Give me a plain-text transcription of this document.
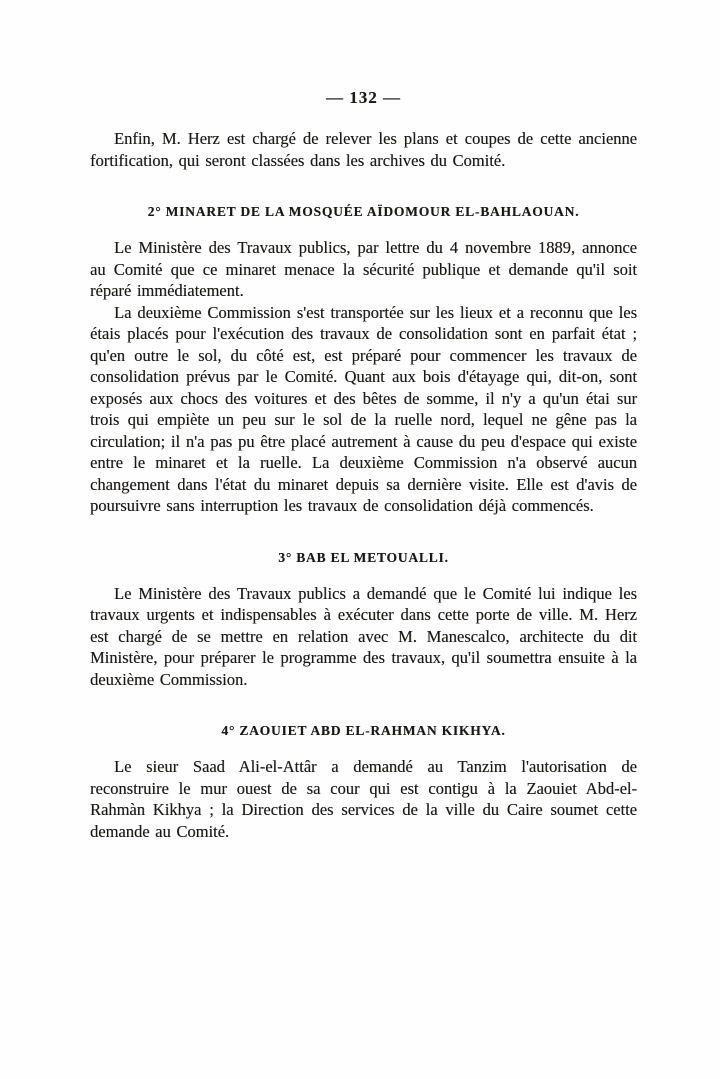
— 132 —

Enfin, M. Herz est chargé de relever les plans et coupes de cette ancienne fortification, qui seront classées dans les archives du Comité.

2° MINARET DE LA MOSQUÉE AÏDOMOUR EL-BAHLAOUAN.

Le Ministère des Travaux publics, par lettre du 4 novembre 1889, annonce au Comité que ce minaret menace la sécurité publique et demande qu'il soit réparé immédiatement.

La deuxième Commission s'est transportée sur les lieux et a reconnu que les étais placés pour l'exécution des travaux de consolidation sont en parfait état ; qu'en outre le sol, du côté est, est préparé pour commencer les travaux de consolidation prévus par le Comité. Quant aux bois d'étayage qui, dit-on, sont exposés aux chocs des voitures et des bêtes de somme, il n'y a qu'un étai sur trois qui empiète un peu sur le sol de la ruelle nord, lequel ne gêne pas la circulation; il n'a pas pu être placé autrement à cause du peu d'espace qui existe entre le minaret et la ruelle. La deuxième Commission n'a observé aucun changement dans l'état du minaret depuis sa dernière visite. Elle est d'avis de poursuivre sans interruption les travaux de consolidation déjà commencés.

3° BAB EL METOUALLI.

Le Ministère des Travaux publics a demandé que le Comité lui indique les travaux urgents et indispensables à exécuter dans cette porte de ville. M. Herz est chargé de se mettre en relation avec M. Manescalco, architecte du dit Ministère, pour préparer le programme des travaux, qu'il soumettra ensuite à la deuxième Commission.

4° ZAOUIET ABD EL-RAHMAN KIKHYA.

Le sieur Saad Ali-el-Attâr a demandé au Tanzim l'autorisation de reconstruire le mur ouest de sa cour qui est contigu à la Zaouiet Abd-el-Rahmàn Kikhya ; la Direction des services de la ville du Caire soumet cette demande au Comité.
